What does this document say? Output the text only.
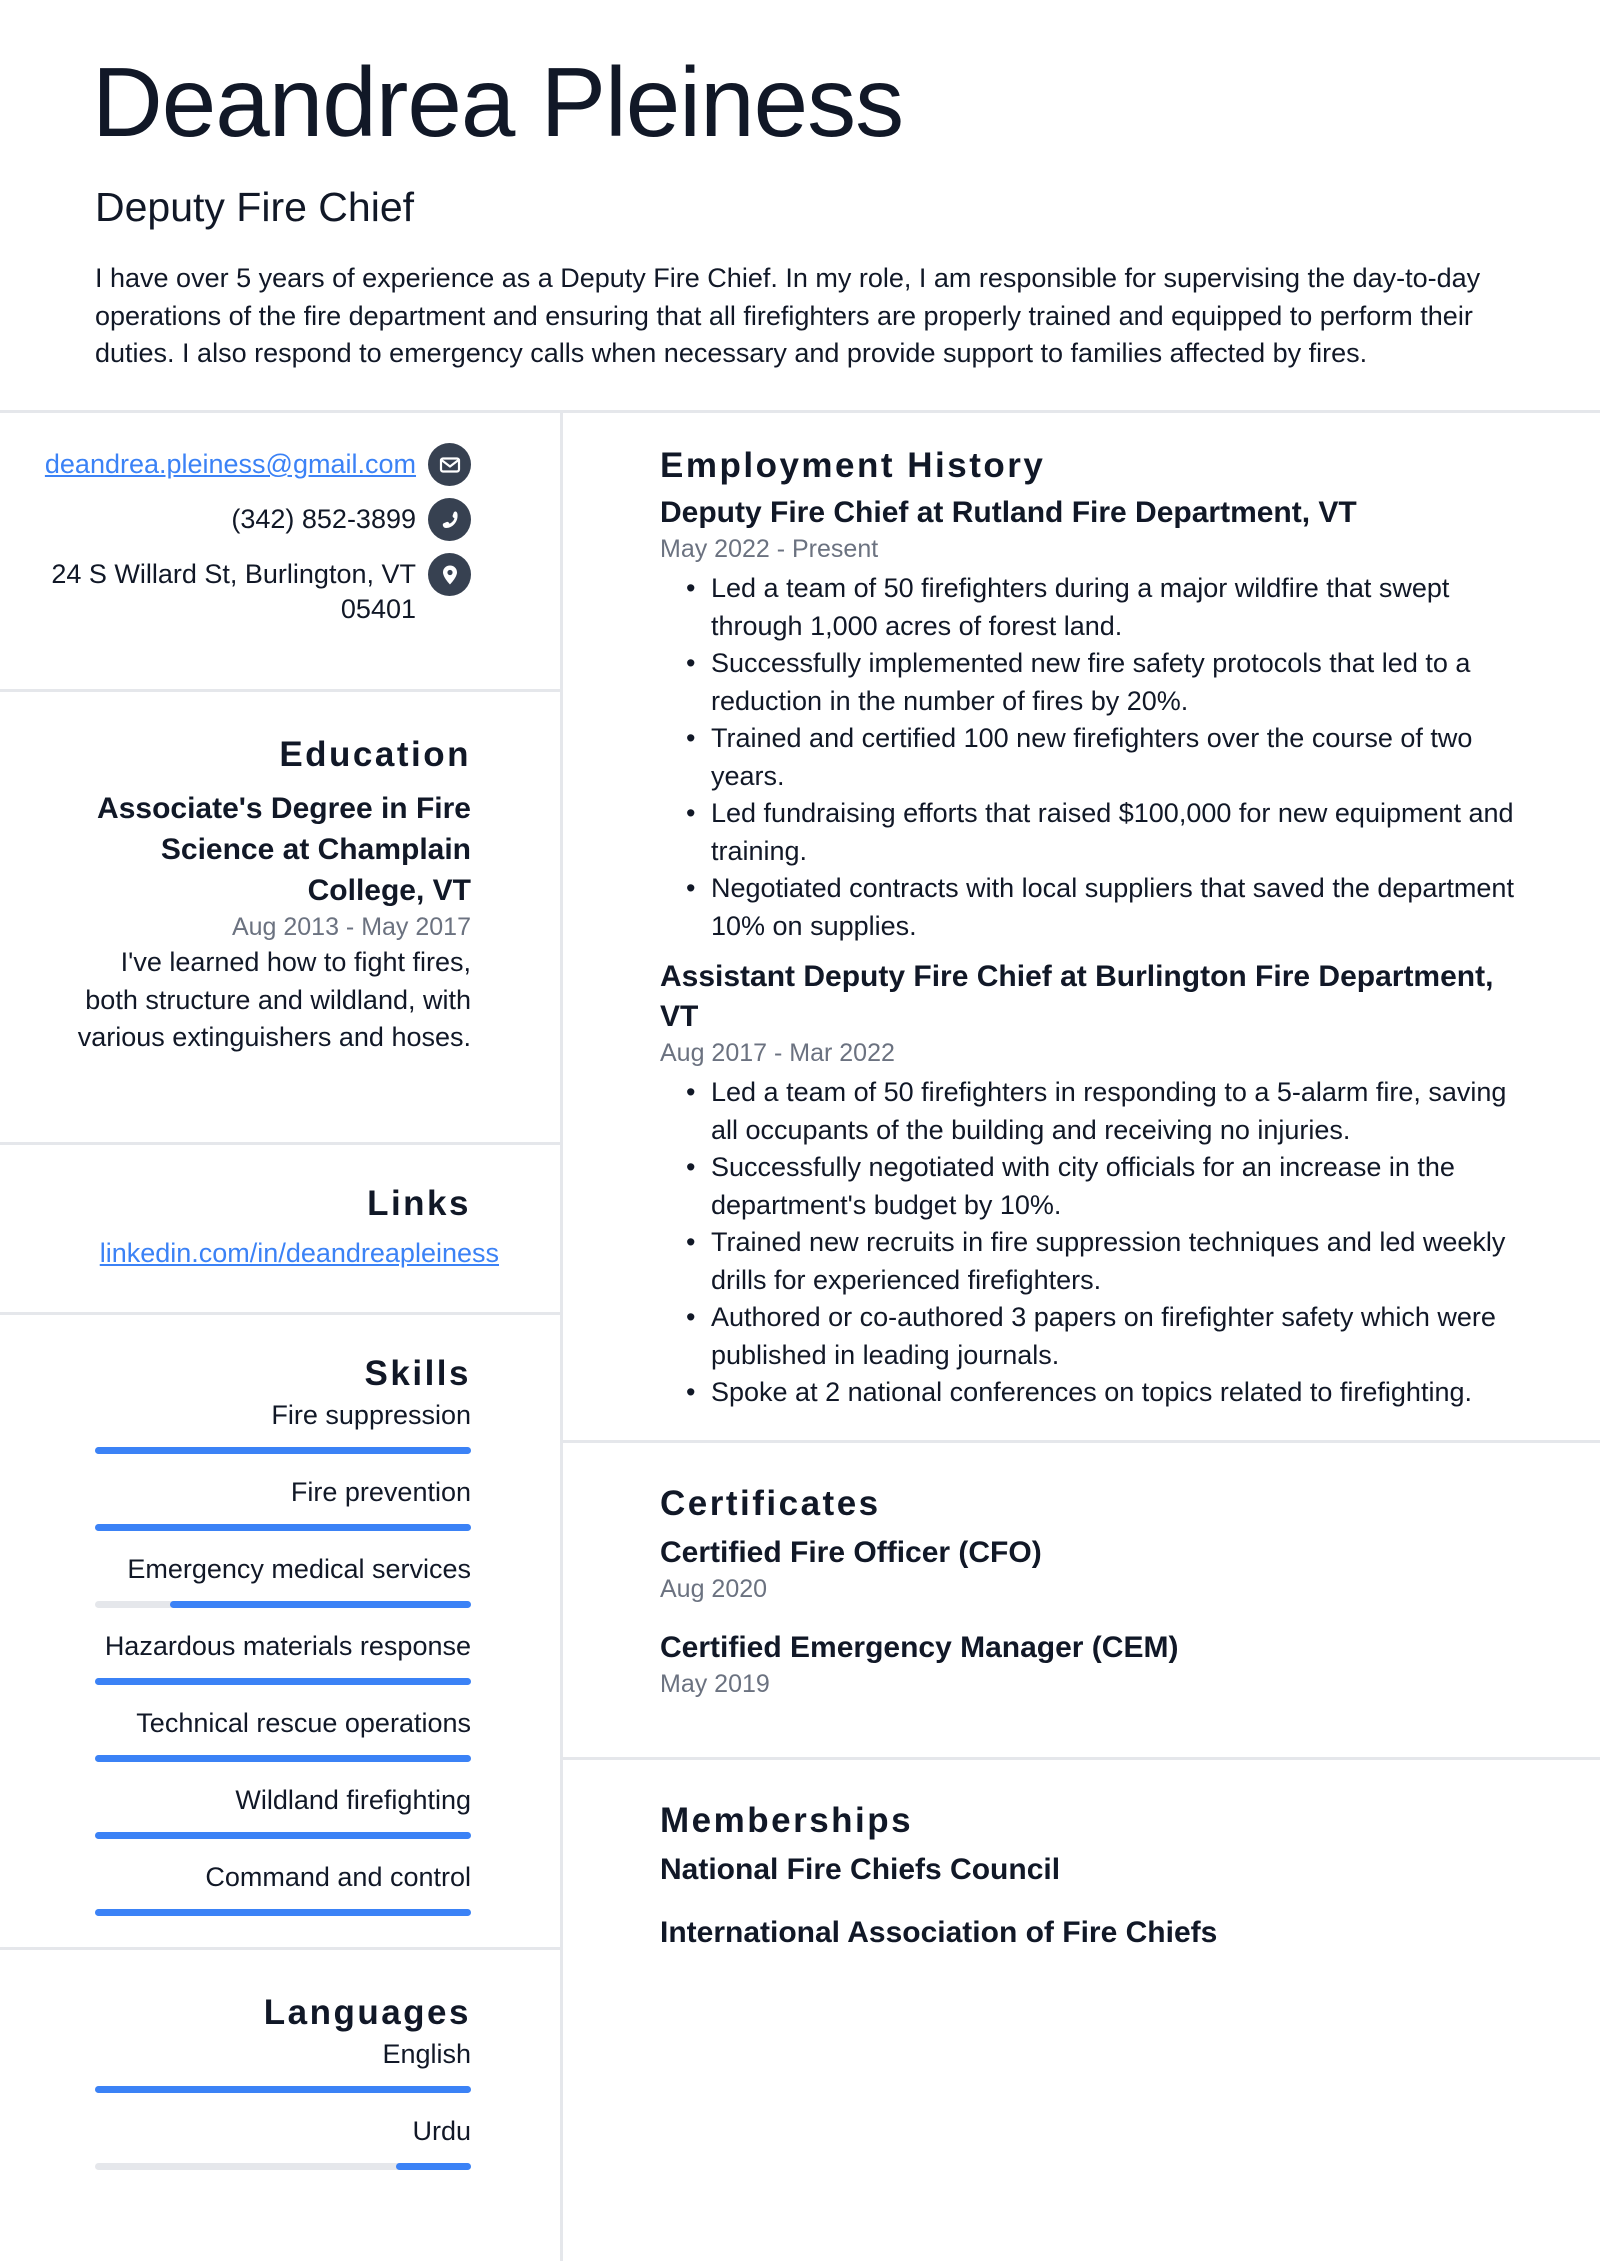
Deandrea Pleiness
Deputy Fire Chief
I have over 5 years of experience as a Deputy Fire Chief. In my role, I am responsible for supervising the day-to-day operations of the fire department and ensuring that all firefighters are properly trained and equipped to perform their duties. I also respond to emergency calls when necessary and provide support to families affected by fires.
deandrea.pleiness@gmail.com
(342) 852-3899
24 S Willard St, Burlington, VT 05401
Education
Associate's Degree in Fire Science at Champlain College, VT
Aug 2013 - May 2017
I've learned how to fight fires, both structure and wildland, with various extinguishers and hoses.
Links
linkedin.com/in/deandreapleiness
Skills
Fire suppression
Fire prevention
Emergency medical services
Hazardous materials response
Technical rescue operations
Wildland firefighting
Command and control
Languages
English
Urdu
Employment History
Deputy Fire Chief at Rutland Fire Department, VT
May 2022 - Present
• Led a team of 50 firefighters during a major wildfire that swept through 1,000 acres of forest land.
• Successfully implemented new fire safety protocols that led to a reduction in the number of fires by 20%.
• Trained and certified 100 new firefighters over the course of two years.
• Led fundraising efforts that raised $100,000 for new equipment and training.
• Negotiated contracts with local suppliers that saved the department 10% on supplies.
Assistant Deputy Fire Chief at Burlington Fire Department, VT
Aug 2017 - Mar 2022
• Led a team of 50 firefighters in responding to a 5-alarm fire, saving all occupants of the building and receiving no injuries.
• Successfully negotiated with city officials for an increase in the department's budget by 10%.
• Trained new recruits in fire suppression techniques and led weekly drills for experienced firefighters.
• Authored or co-authored 3 papers on firefighter safety which were published in leading journals.
• Spoke at 2 national conferences on topics related to firefighting.
Certificates
Certified Fire Officer (CFO)
Aug 2020
Certified Emergency Manager (CEM)
May 2019
Memberships
National Fire Chiefs Council
International Association of Fire Chiefs
